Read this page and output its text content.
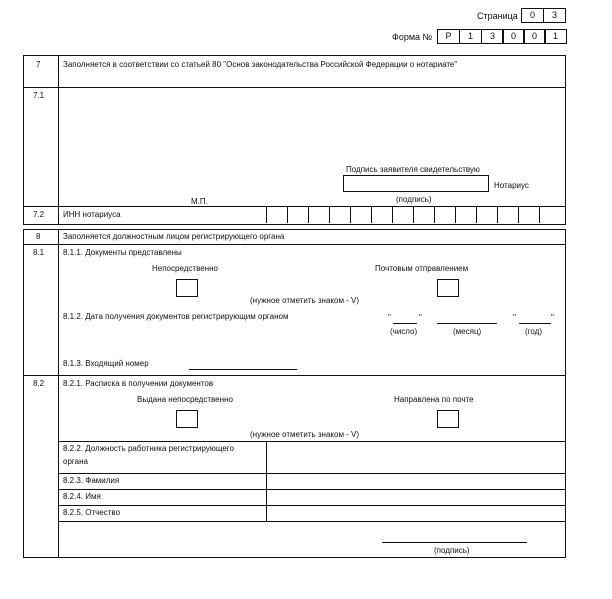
Страница	0	3
Форма №	Р	1	3	0	0	1
7	Заполняется в соответствии со статьей 80 "Основ законодательства Российской Федерации о нотариате"
7.1
Подпись заявителя свидетельствую
Нотариус
(подпись)
М.П.
7.2 ИНН нотариуса
8	Заполняется должностным лицом регистрирующего органа
8.1 8.1.1. Документы представлены
Непосредственно	Почтовым отправлением
(нужное отметить знаком - V)
8.1.2. Дата получения документов регистрирующим органом	"	"	"	"
(число)	(месяц)	(год)
8.1.3. Входящий номер
8.2 8.2.1. Расписка в получении документов
Выдана непосредственно	Направлена по почте
(нужное отметить знаком - V)
8.2.2. Должность работника регистрирующего
органа
8.2.3. Фамилия
8.2.4. Имя
8.2.5. Отчество
(подпись)
